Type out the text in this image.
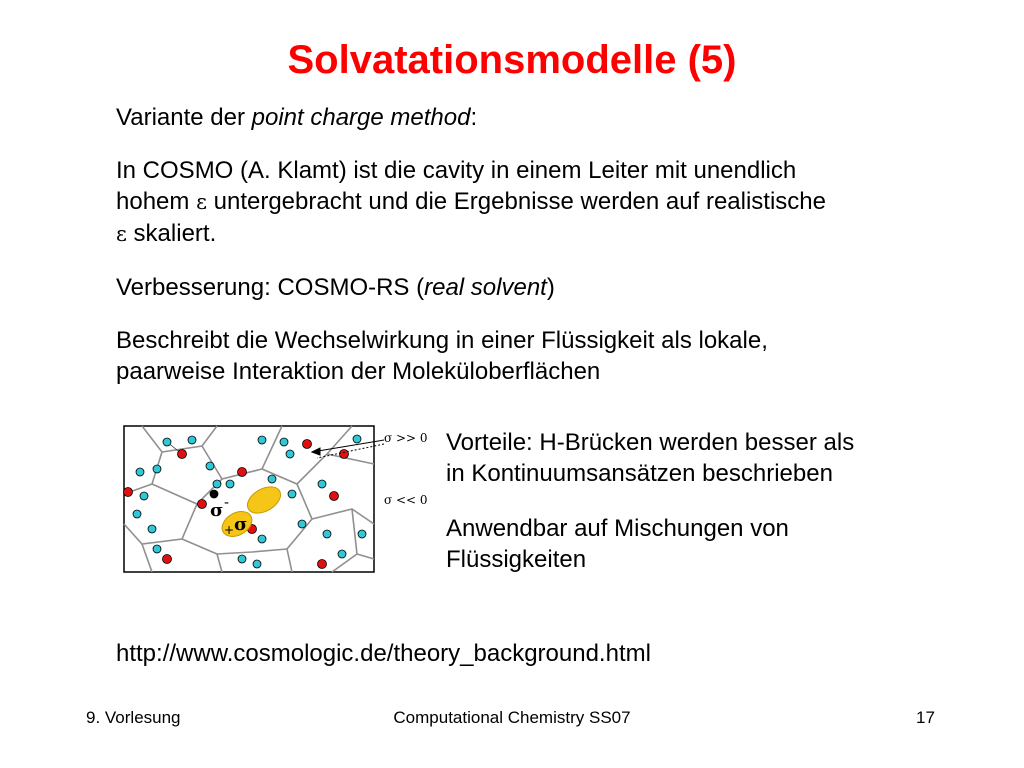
Solvatationsmodelle (5)

Variante der point charge method:

In COSMO (A. Klamt) ist die cavity in einem Leiter mit unendlich
hohem ε untergebracht und die Ergebnisse werden auf realistische
ε skaliert.

Verbesserung: COSMO-RS (real solvent)

Beschreibt die Wechselwirkung in einer Flüssigkeit als lokale,
paarweise Interaktion der Moleküloberflächen

σ -
σ
+
σ >> 0
σ << 0

Vorteile: H-Brücken werden besser als
in Kontinuumsansätzen beschrieben

Anwendbar auf Mischungen von
Flüssigkeiten

http://www.cosmologic.de/theory_background.html

9. Vorlesung	Computational Chemistry SS07	17
